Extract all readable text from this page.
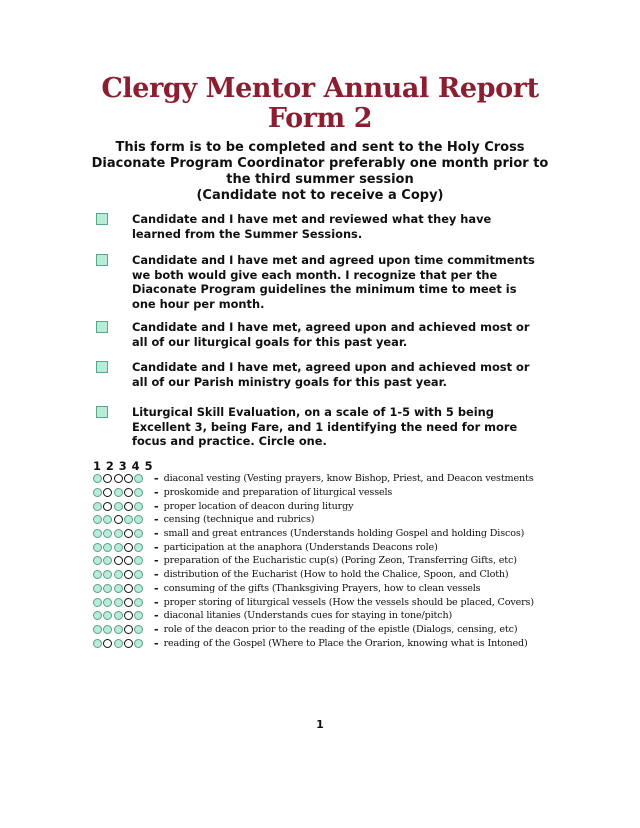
Clergy Mentor Annual Report Form 2
This form is to be completed and sent to the Holy Cross
Diaconate Program Coordinator preferably one month prior to
the third summer session
(Candidate not to receive a Copy)
Candidate and I have met and reviewed what they have learned from the Summer Sessions.
Candidate and I have met and agreed upon time commitments we both would give each month. I recognize that per the Diaconate Program guidelines the minimum time to meet is one hour per month.
Candidate and I have met, agreed upon and achieved most or all of our liturgical goals for this past year.
Candidate and I have met, agreed upon and achieved most or all of our Parish ministry goals for this past year.
Liturgical Skill Evaluation, on a scale of 1-5 with 5 being Excellent 3, being Fare, and 1 identifying the need for more focus and practice. Circle one.
1 2 3 4 5
- diaconal vesting (Vesting prayers, know Bishop, Priest, and Deacon vestments
- proskomide and preparation of liturgical vessels
- proper location of deacon during liturgy
- censing (technique and rubrics)
- small and great entrances (Understands holding Gospel and holding Discos)
- participation at the anaphora (Understands Deacons role)
- preparation of the Eucharistic cup(s) (Poring Zeon, Transferring Gifts, etc)
- distribution of the Eucharist (How to hold the Chalice, Spoon, and Cloth)
- consuming of the gifts (Thanksgiving Prayers, how to clean vessels
- proper storing of liturgical vessels (How the vessels should be placed, Covers)
- diaconal litanies (Understands cues for staying in tone/pitch)
- role of the deacon prior to the reading of the epistle (Dialogs, censing, etc)
- reading of the Gospel (Where to Place the Orarion, knowing what is Intoned)
1
